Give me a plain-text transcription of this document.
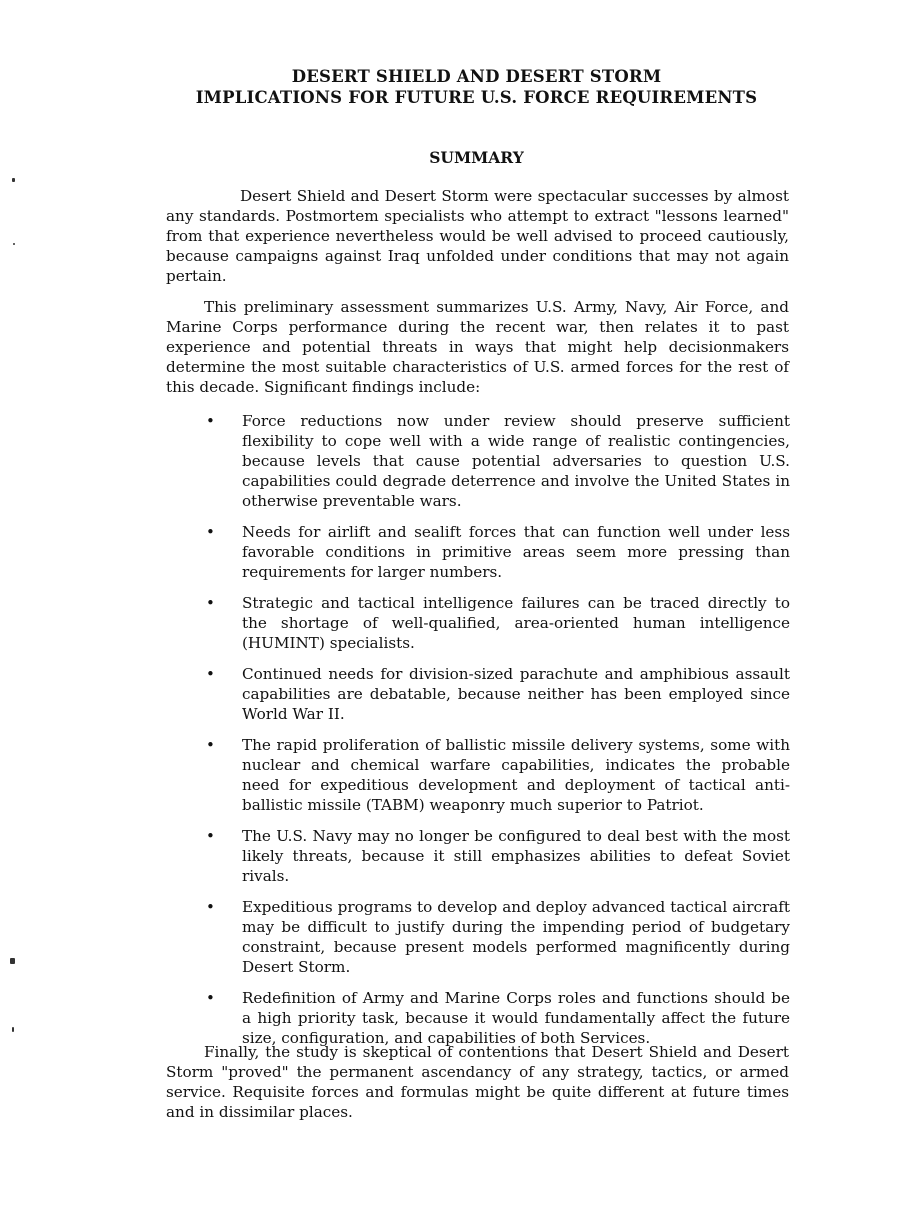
DESERT SHIELD AND DESERT STORM
IMPLICATIONS FOR FUTURE U.S. FORCE REQUIREMENTS
SUMMARY

Desert Shield and Desert Storm were spectacular successes by almost any standards. Postmortem specialists who attempt to extract "lessons learned" from that experience nevertheless would be well advised to proceed cautiously, because campaigns against Iraq unfolded under conditions that may not again pertain.

This preliminary assessment summarizes U.S. Army, Navy, Air Force, and Marine Corps performance during the recent war, then relates it to past experience and potential threats in ways that might help decisionmakers determine the most suitable characteristics of U.S. armed forces for the rest of this decade. Significant findings include:

• Force reductions now under review should preserve sufficient flexibility to cope well with a wide range of realistic contingencies, because levels that cause potential adversaries to question U.S. capabilities could degrade deterrence and involve the United States in otherwise preventable wars.
• Needs for airlift and sealift forces that can function well under less favorable conditions in primitive areas seem more pressing than requirements for larger numbers.
• Strategic and tactical intelligence failures can be traced directly to the shortage of well-qualified, area-oriented human intelligence (HUMINT) specialists.
• Continued needs for division-sized parachute and amphibious assault capabilities are debatable, because neither has been employed since World War II.
• The rapid proliferation of ballistic missile delivery systems, some with nuclear and chemical warfare capabilities, indicates the probable need for expeditious development and deployment of tactical anti-ballistic missile (TABM) weaponry much superior to Patriot.
• The U.S. Navy may no longer be configured to deal best with the most likely threats, because it still emphasizes abilities to defeat Soviet rivals.
• Expeditious programs to develop and deploy advanced tactical aircraft may be difficult to justify during the impending period of budgetary constraint, because present models performed magnificently during Desert Storm.
• Redefinition of Army and Marine Corps roles and functions should be a high priority task, because it would fundamentally affect the future size, configuration, and capabilities of both Services.

Finally, the study is skeptical of contentions that Desert Shield and Desert Storm "proved" the permanent ascendancy of any strategy, tactics, or armed service. Requisite forces and formulas might be quite different at future times and in dissimilar places.
